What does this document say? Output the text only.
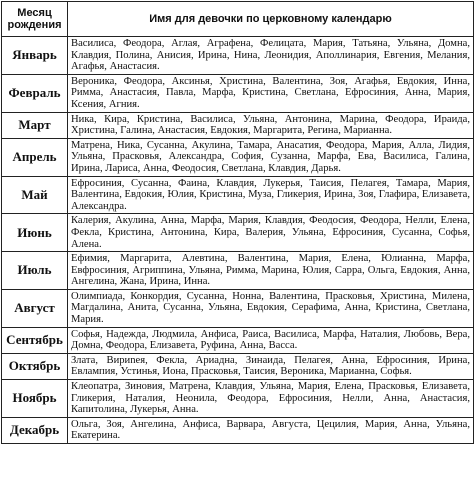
Месяц рождения	Имя для девочки по церковному календарю
Январь	Василиса, Феодора, Аглая, Агрaфена, Фелицата, Мария, Татьяна, Ульяна, Домна, Клавдия, Полина, Анисия, Ирина, Нина, Леонидия, Аполлинария, Евгения, Мелания, Агафья, Анастасия.
Февраль	Вероника, Феодора, Аксинья, Христина, Валентина, Зоя, Агафья, Евдокия, Инна, Римма, Анастасия, Павла, Марфа, Кристина, Светлана, Ефросиния, Анна, Мария, Ксения, Агния.
Март	Ника, Кира, Кристина, Василиса, Ульяна, Антонина, Марина, Феодора, Ираида, Христина, Галина, Анастасия, Евдокия, Маргарита, Регина, Марианна.
Апрель	Матрена, Ника, Сусанна, Акулина, Тамара, Анасатия, Феодора, Мария, Алла, Лидия, Ульяна, Прасковья, Александра, София, Сузанна, Марфа, Ева, Василиса, Галина, Ирина, Лариса, Анна, Феодосия, Светлана, Клавдия, Дарья.
Май	Ефросиния, Сусанна, Фаина, Клавдия, Лукерья, Таисия, Пелагея, Тамара, Мария, Валентина, Евдокия, Юлия, Кристина, Муза, Гликерия, Ирина, Зоя, Глафира, Елизавета, Александра.
Июнь	Калерия, Акулина, Анна, Марфа, Мария, Клавдия, Феодосия, Феодора, Нелли, Елена, Фекла, Кристина, Антонина, Кира, Валерия, Ульяна, Ефросиния, Сусанна, Софья, Алена.
Июль	Ефимия, Маргарита, Алевтина, Валентина, Мария, Елена, Юлианна, Марфа, Евфросиния, Агриппина, Ульяна, Римма, Марина, Юлия, Сарра, Ольга, Евдокия, Анна, Ангелина, Жана, Ирина, Инна.
Август	Олимпиада, Конкордия, Сусанна, Нонна, Валентина, Прасковья, Христина, Милена, Магдалина, Анита, Сусанна, Ульяна, Евдокия, Серафима, Анна, Кристина, Светлана, Мария.
Сентябрь	Софья, Надежда, Людмила, Анфиса, Раиса, Василиса, Марфа, Наталия, Любовь, Вера, Домна, Феодора, Елизавета, Руфина, Анна, Васса.
Октябрь	Злата, Вириnея, Фекла, Ариадна, Зинаида, Пелагея, Анна, Ефросиния, Ирина, Евлампия, Устинья, Иона, Прасковья, Таисия, Вероника, Марианна, Софья.
Ноябрь	Клеопатра, Зиновия, Матрена, Клавдия, Ульяна, Мария, Елена, Прасковья, Елизавета, Гликерия, Наталия, Неонила, Феодора, Ефросиния, Нелли, Анна, Анастасия, Капитолина, Лукерья, Анна.
Декабрь	Ольга, Зоя, Ангелина, Анфиса, Варвара, Августа, Цецилия, Мария, Анна, Ульяна, Екатерина.
